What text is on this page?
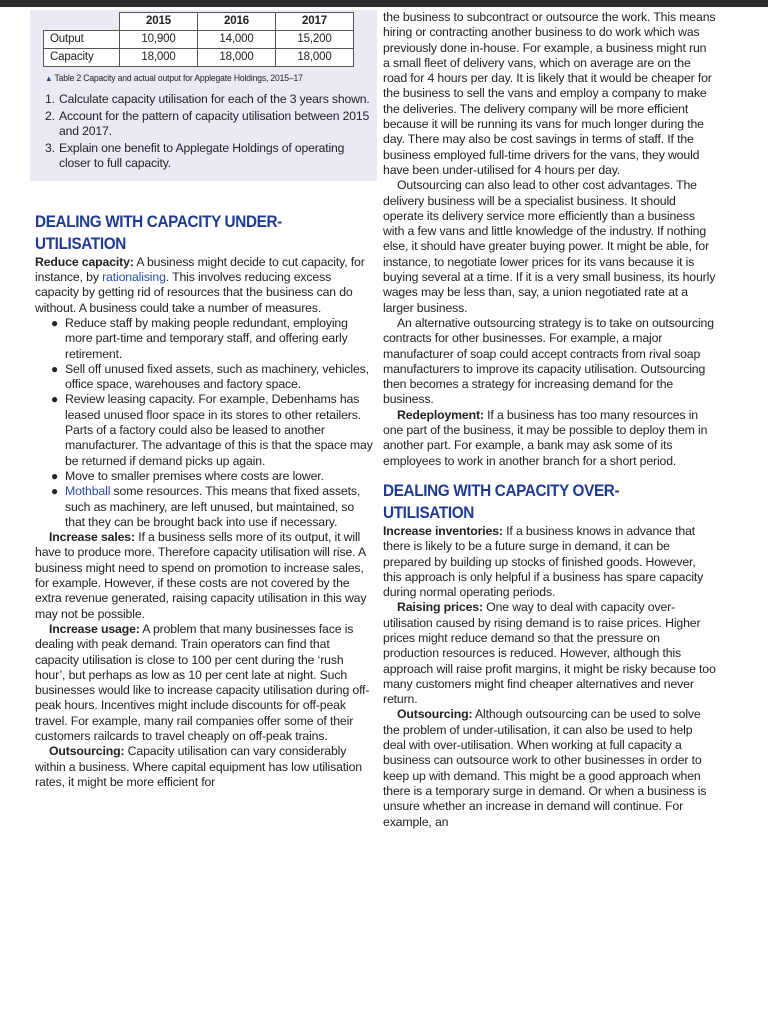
	2015	2016	2017
Output	10,900	14,000	15,200
Capacity	18,000	18,000	18,000
▲ Table 2 Capacity and actual output for Applegate Holdings, 2015–17
1. Calculate capacity utilisation for each of the 3 years shown.
2. Account for the pattern of capacity utilisation between 2015 and 2017.
3. Explain one benefit to Applegate Holdings of operating closer to full capacity.
DEALING WITH CAPACITY UNDER-UTILISATION

Reduce capacity: A business might decide to cut capacity, for instance, by rationalising. This involves reducing excess capacity by getting rid of resources that the business can do without. A business could take a number of measures.

● Reduce staff by making people redundant, employing more part-time and temporary staff, and offering early retirement.
● Sell off unused fixed assets, such as machinery, vehicles, office space, warehouses and factory space.
● Review leasing capacity. For example, Debenhams has leased unused floor space in its stores to other retailers. Parts of a factory could also be leased to another manufacturer. The advantage of this is that the space may be returned if demand picks up again.
● Move to smaller premises where costs are lower.
● Mothball some resources. This means that fixed assets, such as machinery, are left unused, but maintained, so that they can be brought back into use if necessary.

Increase sales: If a business sells more of its output, it will have to produce more. Therefore capacity utilisation will rise. A business might need to spend on promotion to increase sales, for example. However, if these costs are not covered by the extra revenue generated, raising capacity utilisation in this way may not be possible.

Increase usage: A problem that many businesses face is dealing with peak demand. Train operators can find that capacity utilisation is close to 100 per cent during the ‘rush hour’, but perhaps as low as 10 per cent late at night. Such businesses would like to increase capacity utilisation during off-peak hours. Incentives might include discounts for off-peak travel. For example, many rail companies offer some of their customers railcards to travel cheaply on off-peak trains.

Outsourcing: Capacity utilisation can vary considerably within a business. Where capital equipment has low utilisation rates, it might be more efficient for

the business to subcontract or outsource the work. This means hiring or contracting another business to do work which was previously done in-house. For example, a business might run a small fleet of delivery vans, which on average are on the road for 4 hours per day. It is likely that it would be cheaper for the business to sell the vans and employ a company to make the deliveries. The delivery company will be more efficient because it will be running its vans for much longer during the day. There may also be cost savings in terms of staff. If the business employed full-time drivers for the vans, they would have been under-utilised for 4 hours per day.

Outsourcing can also lead to other cost advantages. The delivery business will be a specialist business. It should operate its delivery service more efficiently than a business with a few vans and little knowledge of the industry. If nothing else, it should have greater buying power. It might be able, for instance, to negotiate lower prices for its vans because it is buying several at a time. If it is a very small business, its hourly wages may be less than, say, a union negotiated rate at a larger business.

An alternative outsourcing strategy is to take on outsourcing contracts for other businesses. For example, a major manufacturer of soap could accept contracts from rival soap manufacturers to improve its capacity utilisation. Outsourcing then becomes a strategy for increasing demand for the business.

Redeployment: If a business has too many resources in one part of the business, it may be possible to deploy them in another part. For example, a bank may ask some of its employees to work in another branch for a short period.

DEALING WITH CAPACITY OVER-UTILISATION

Increase inventories: If a business knows in advance that there is likely to be a future surge in demand, it can be prepared by building up stocks of finished goods. However, this approach is only helpful if a business has spare capacity during normal operating periods.

Raising prices: One way to deal with capacity over-utilisation caused by rising demand is to raise prices. Higher prices might reduce demand so that the pressure on production resources is reduced. However, although this approach will raise profit margins, it might be risky because too many customers might find cheaper alternatives and never return.

Outsourcing: Although outsourcing can be used to solve the problem of under-utilisation, it can also be used to help deal with over-utilisation. When working at full capacity a business can outsource work to other businesses in order to keep up with demand. This might be a good approach when there is a temporary surge in demand. Or when a business is unsure whether an increase in demand will continue. For example, an
